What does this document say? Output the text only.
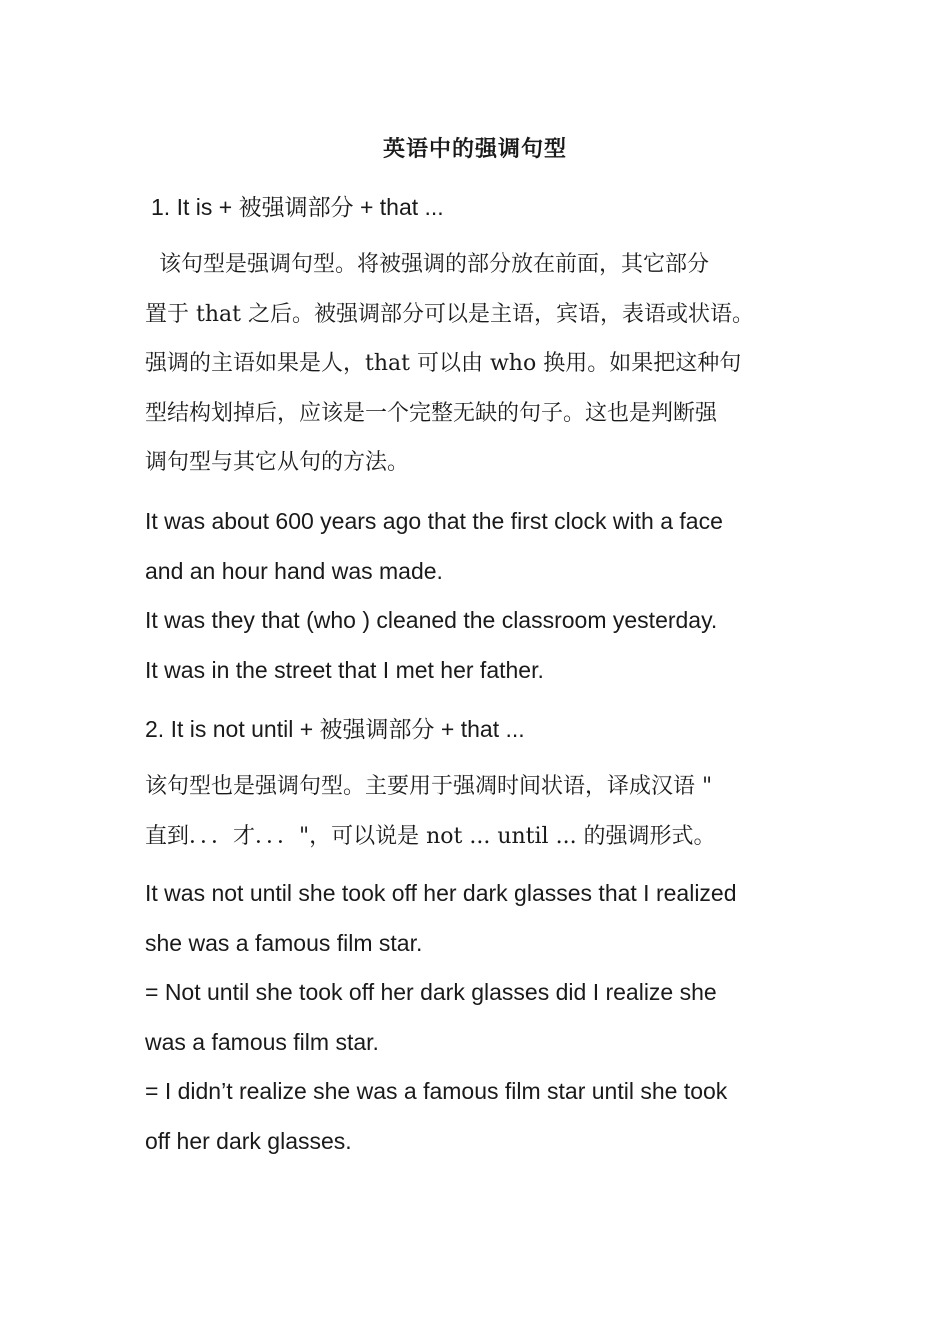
英语中的强调句型
1. It is + 被强调部分 + that ...
该句型是强调句型。将被强调的部分放在前面，其它部分
置于 that 之后。被强调部分可以是主语，宾语，表语或状语。
强调的主语如果是人，that 可以由 who 换用。如果把这种句
型结构划掉后，应该是一个完整无缺的句子。这也是判断强
调句型与其它从句的方法。
It was about 600 years ago that the first clock with a face
and an hour hand was made.
It was they that (who ) cleaned the classroom yesterday.
It was in the street that I met her father.
2. It is not until + 被强调部分 + that ...
该句型也是强调句型。主要用于强凋时间状语，译成汉语 "
直到．．．才．．．"，可以说是 not ... until ... 的强调形式。
It was not until she took off her dark glasses that I realized
she was a famous film star.
= Not until she took off her dark glasses did I realize she
was a famous film star.
= I didn’t realize she was a famous film star until she took
off her dark glasses.
